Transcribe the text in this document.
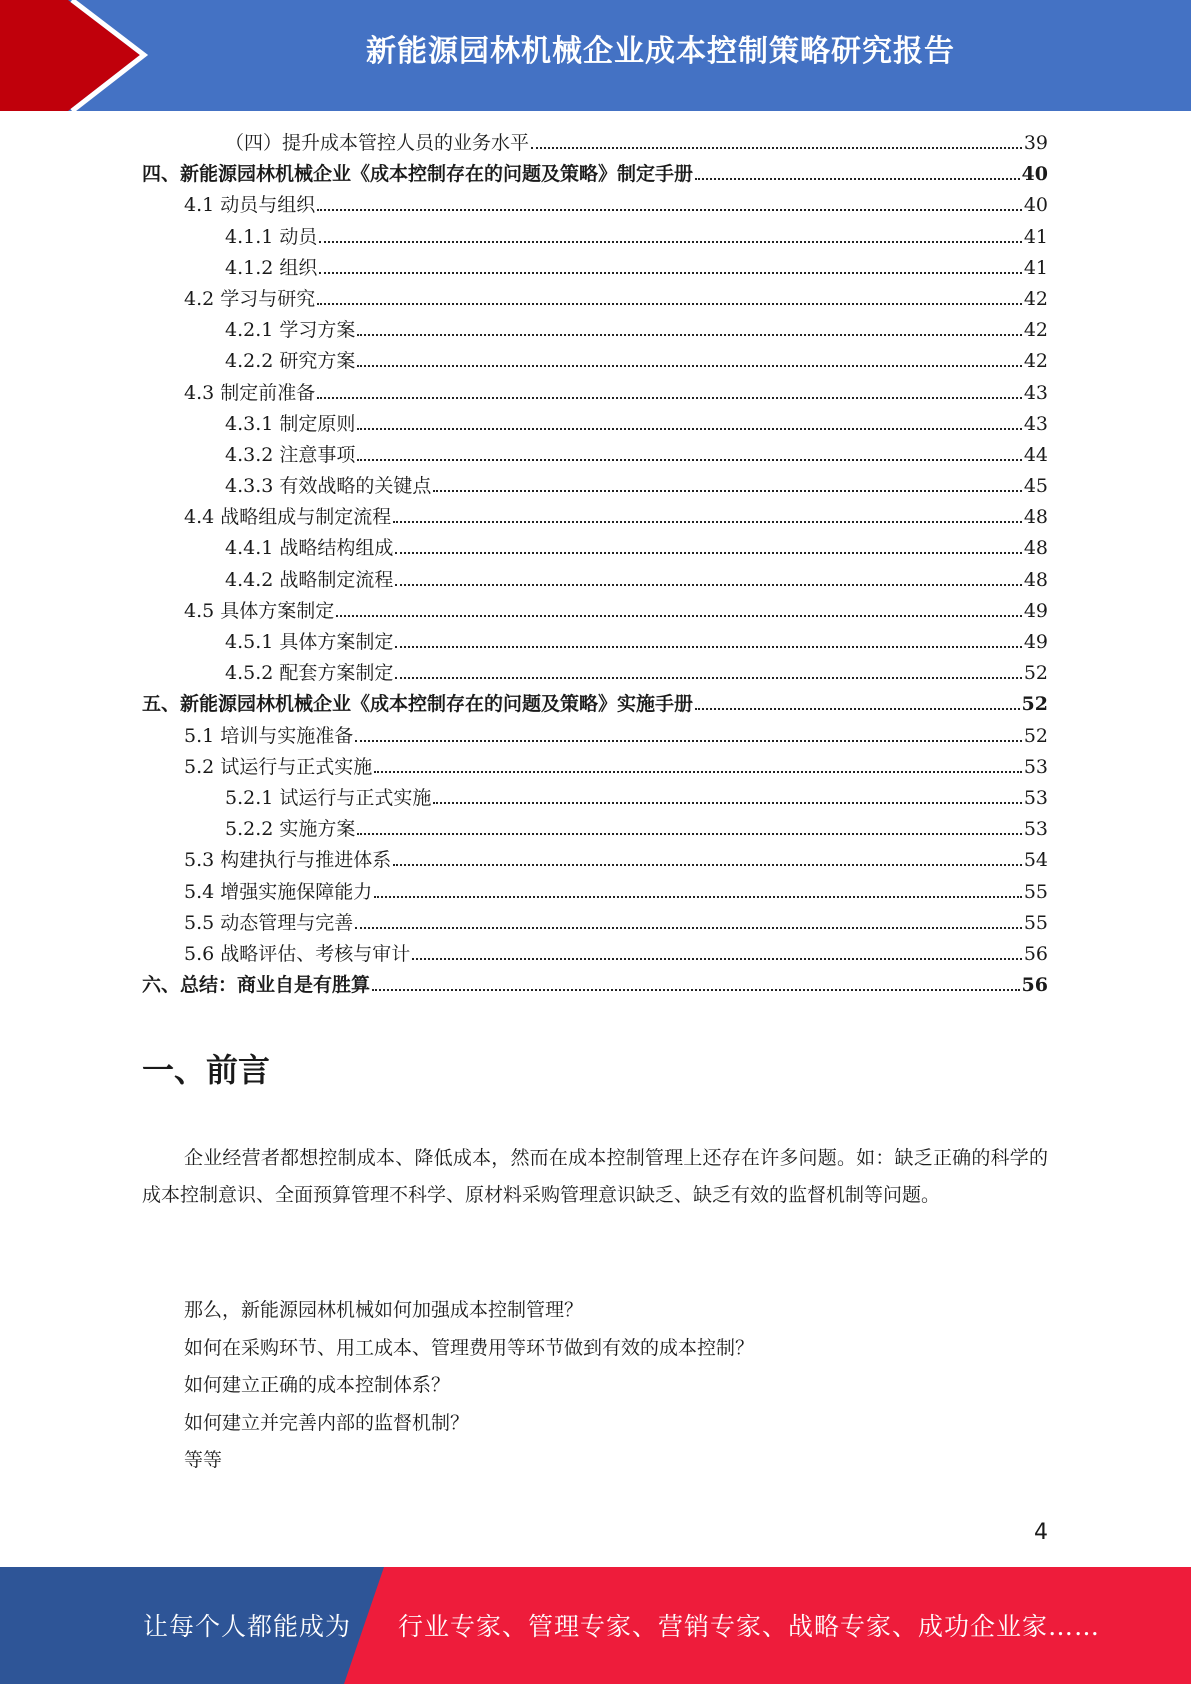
新能源园林机械企业成本控制策略研究报告
（四）提升成本管控人员的业务水平	39
四、新能源园林机械企业《成本控制存在的问题及策略》制定手册	40
4.1 动员与组织	40
4.1.1 动员	41
4.1.2 组织	41
4.2 学习与研究	42
4.2.1 学习方案	42
4.2.2 研究方案	42
4.3 制定前准备	43
4.3.1 制定原则	43
4.3.2 注意事项	44
4.3.3 有效战略的关键点	45
4.4 战略组成与制定流程	48
4.4.1 战略结构组成	48
4.4.2 战略制定流程	48
4.5 具体方案制定	49
4.5.1 具体方案制定	49
4.5.2 配套方案制定	52
五、新能源园林机械企业《成本控制存在的问题及策略》实施手册	52
5.1 培训与实施准备	52
5.2 试运行与正式实施	53
5.2.1 试运行与正式实施	53
5.2.2 实施方案	53
5.3 构建执行与推进体系	54
5.4 增强实施保障能力	55
5.5 动态管理与完善	55
5.6 战略评估、考核与审计	56
六、总结：商业自是有胜算	56
一、前言
企业经营者都想控制成本、降低成本，然而在成本控制管理上还存在许多问题。如：缺乏正确的科学的成本控制意识、全面预算管理不科学、原材料采购管理意识缺乏、缺乏有效的监督机制等问题。
那么，新能源园林机械如何加强成本控制管理？
如何在采购环节、用工成本、管理费用等环节做到有效的成本控制？
如何建立正确的成本控制体系？
如何建立并完善内部的监督机制？
等等
4
让每个人都能成为 行业专家、管理专家、营销专家、战略专家、成功企业家……
